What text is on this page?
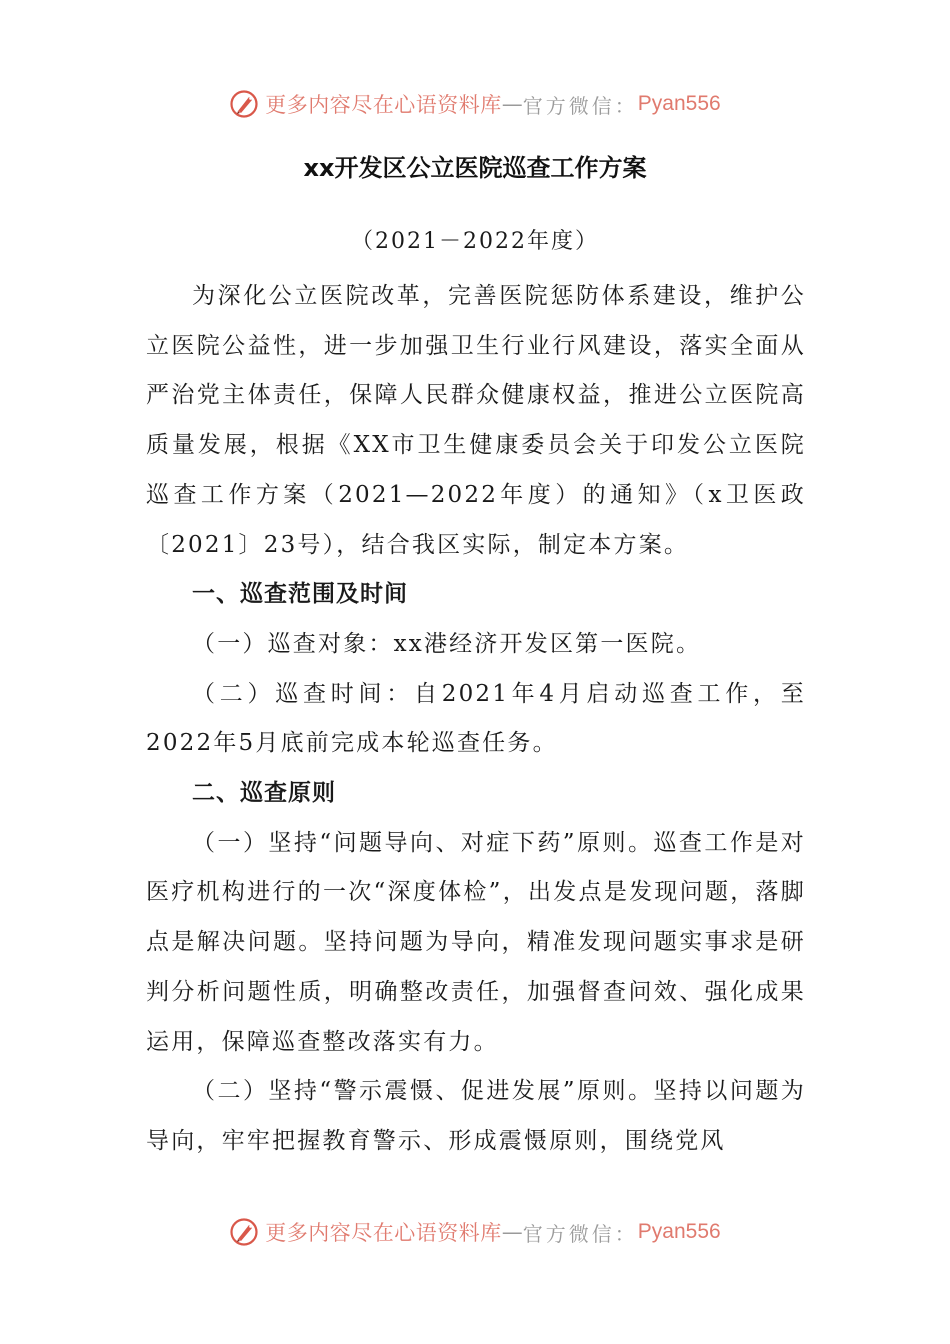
更多内容尽在心语资料库 — 官方微信： Pyan556
xx开发区公立医院巡查工作方案
（2021－2022年度）

为深化公立医院改革，完善医院惩防体系建设，维护公立医院公益性，进一步加强卫生行业行风建设，落实全面从严治党主体责任，保障人民群众健康权益，推进公立医院高质量发展，根据《XX市卫生健康委员会关于印发公立医院巡查工作方案（2021—2022年度）的通知》（x卫医政〔2021〕23号），结合我区实际，制定本方案。

一、巡查范围及时间

（一）巡查对象：xx港经济开发区第一医院。

（二）巡查时间：自2021年4月启动巡查工作，至2022年5月底前完成本轮巡查任务。

二、巡查原则

（一）坚持“问题导向、对症下药”原则。巡查工作是对医疗机构进行的一次“深度体检”，出发点是发现问题，落脚点是解决问题。坚持问题为导向，精准发现问题实事求是研判分析问题性质，明确整改责任，加强督查问效、强化成果运用，保障巡查整改落实有力。

（二）坚持“警示震慑、促进发展”原则。坚持以问题为导向，牢牢把握教育警示、形成震慑原则，围绕党风

更多内容尽在心语资料库 — 官方微信： Pyan556
